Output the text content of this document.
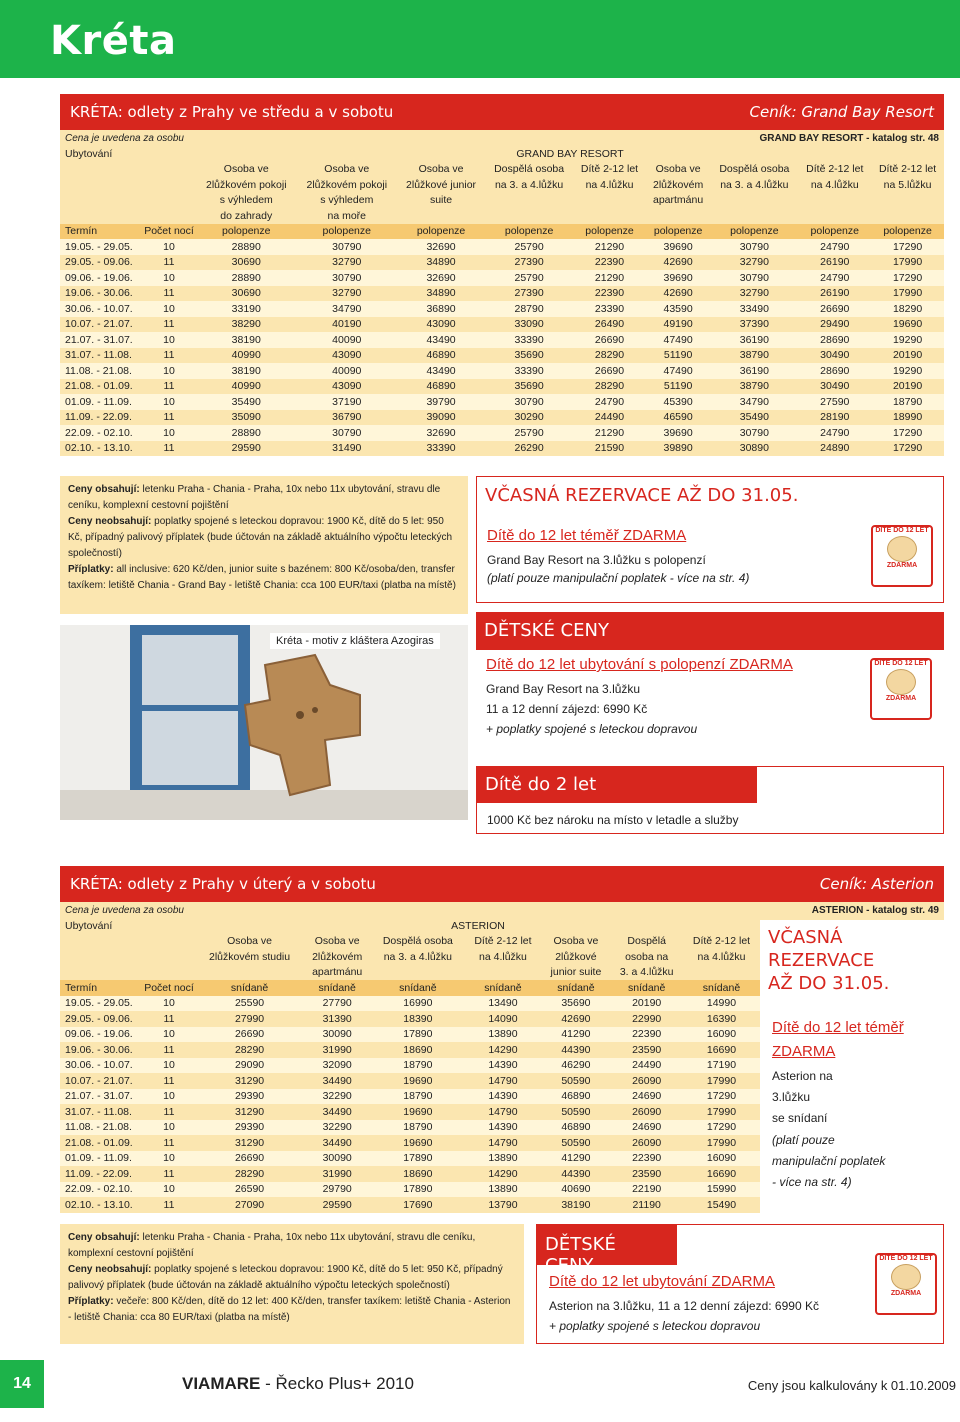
Kréta
KRÉTA: odlety z Prahy ve středu a v sobotu	Ceník: Grand Bay Resort
Cena je uvedena za osobu	GRAND BAY RESORT - katalog str. 48
Ubytování		GRAND BAY RESORT								
		Osoba ve	Osoba ve	Osoba ve	Dospělá osoba	Dítě 2-12 let	Osoba ve	Dospělá osoba	Dítě 2-12 let	Dítě 2-12 let
		2lůžkovém pokoji	2lůžkovém pokoji	2lůžkové junior	na 3. a 4.lůžku	na 4.lůžku	2lůžkovém	na 3. a 4.lůžku	na 4.lůžku	na 5.lůžku
		s výhledem	s výhledem	suite			apartmánu			
		do zahrady	na moře							
Termín	Počet nocí	polopenze	polopenze	polopenze	polopenze	polopenze	polopenze	polopenze	polopenze	polopenze
19.05. - 29.05.	10	28890	30790	32690	25790	21290	39690	30790	24790	17290
29.05. - 09.06.	11	30690	32790	34890	27390	22390	42690	32790	26190	17990
09.06. - 19.06.	10	28890	30790	32690	25790	21290	39690	30790	24790	17290
19.06. - 30.06.	11	30690	32790	34890	27390	22390	42690	32790	26190	17990
30.06. - 10.07.	10	33190	34790	36890	28790	23390	43590	33490	26690	18290
10.07. - 21.07.	11	38290	40190	43090	33090	26490	49190	37390	29490	19690
21.07. - 31.07.	10	38190	40090	43490	33390	26690	47490	36190	28690	19290
31.07. - 11.08.	11	40990	43090	46890	35690	28290	51190	38790	30490	20190
11.08. - 21.08.	10	38190	40090	43490	33390	26690	47490	36190	28690	19290
21.08. - 01.09.	11	40990	43090	46890	35690	28290	51190	38790	30490	20190
01.09. - 11.09.	10	35490	37190	39790	30790	24790	45390	34790	27590	18790
11.09. - 22.09.	11	35090	36790	39090	30290	24490	46590	35490	28190	18990
22.09. - 02.10.	10	28890	30790	32690	25790	21290	39690	30790	24790	17290
02.10. - 13.10.	11	29590	31490	33390	26290	21590	39890	30890	24890	17290
Ceny obsahují: letenku Praha - Chania - Praha, 10x nebo 11x ubytování, stravu dle ceníku, komplexní cestovní pojištění
Ceny neobsahují: poplatky spojené s leteckou dopravou: 1900 Kč, dítě do 5 let: 950 Kč, případný palivový příplatek (bude účtován na základě aktuálního výpočtu leteckých společností)
Příplatky: all inclusive: 620 Kč/den, junior suite s bazénem: 800 Kč/osoba/den, transfer taxíkem: letiště Chania - Grand Bay - letiště Chania: cca 100 EUR/taxi (platba na místě)
Kréta - motiv z kláštera Azogiras
VČASNÁ REZERVACE AŽ DO 31.05.
Dítě do 12 let téměř ZDARMA
Grand Bay Resort na 3.lůžku s polopenzí
(platí pouze manipulační poplatek - více na str. 4)
DÍTĚ DO 12 LET
ZDARMA
DĚTSKÉ CENY
Dítě do 12 let ubytování s polopenzí ZDARMA
Grand Bay Resort na 3.lůžku
11 a 12 denní zájezd: 6990 Kč
+ poplatky spojené s leteckou dopravou
DÍTĚ DO 12 LET
ZDARMA
Dítě do 2 let
1000 Kč bez nároku na místo v letadle a služby
KRÉTA: odlety z Prahy v úterý a v sobotu	Ceník: Asterion
Cena je uvedena za osobu	ASTERION - katalog str. 49
Ubytování		ASTERION						
		Osoba ve	Osoba ve	Dospělá osoba	Dítě 2-12 let	Osoba ve	Dospělá	Dítě 2-12 let
		2lůžkovém studiu	2lůžkovém	na 3. a 4.lůžku	na 4.lůžku	2lůžkové	osoba na	na 4.lůžku
			apartmánu			junior suite	3. a 4.lůžku	
Termín	Počet nocí	snídaně	snídaně	snídaně	snídaně	snídaně	snídaně	snídaně
19.05. - 29.05.	10	25590	27790	16990	13490	35690	20190	14990
29.05. - 09.06.	11	27990	31390	18390	14090	42690	22990	16390
09.06. - 19.06.	10	26690	30090	17890	13890	41290	22390	16090
19.06. - 30.06.	11	28290	31990	18690	14290	44390	23590	16690
30.06. - 10.07.	10	29090	32090	18790	14390	46290	24490	17190
10.07. - 21.07.	11	31290	34490	19690	14790	50590	26090	17990
21.07. - 31.07.	10	29390	32290	18790	14390	46890	24690	17290
31.07. - 11.08.	11	31290	34490	19690	14790	50590	26090	17990
11.08. - 21.08.	10	29390	32290	18790	14390	46890	24690	17290
21.08. - 01.09.	11	31290	34490	19690	14790	50590	26090	17990
01.09. - 11.09.	10	26690	30090	17890	13890	41290	22390	16090
11.09. - 22.09.	11	28290	31990	18690	14290	44390	23590	16690
22.09. - 02.10.	10	26590	29790	17890	13890	40690	22190	15990
02.10. - 13.10.	11	27090	29590	17690	13790	38190	21190	15490
VČASNÁ
REZERVACE
AŽ DO 31.05.
Dítě do 12 let téměř
ZDARMA
Asterion na
3.lůžku
se snídaní
(platí pouze
manipulační poplatek
- více na str. 4)
Ceny obsahují: letenku Praha - Chania - Praha, 10x nebo 11x ubytování, stravu dle ceníku, komplexní cestovní pojištění
Ceny neobsahují: poplatky spojené s leteckou dopravou: 1900 Kč, dítě do 5 let: 950 Kč, případný palivový příplatek (bude účtován na základě aktuálního výpočtu leteckých společností)
Příplatky: večeře: 800 Kč/den, dítě do 12 let: 400 Kč/den, transfer taxíkem: letiště Chania - Asterion - letiště Chania: cca 80 EUR/taxi (platba na místě)
DĚTSKÉ CENY
Dítě do 12 let ubytování ZDARMA
Asterion na 3.lůžku, 11 a 12 denní zájezd: 6990 Kč
+ poplatky spojené s leteckou dopravou
DÍTĚ DO 12 LET
ZDARMA
14	VIAMARE - Řecko Plus+ 2010	Ceny jsou kalkulovány k 01.10.2009
